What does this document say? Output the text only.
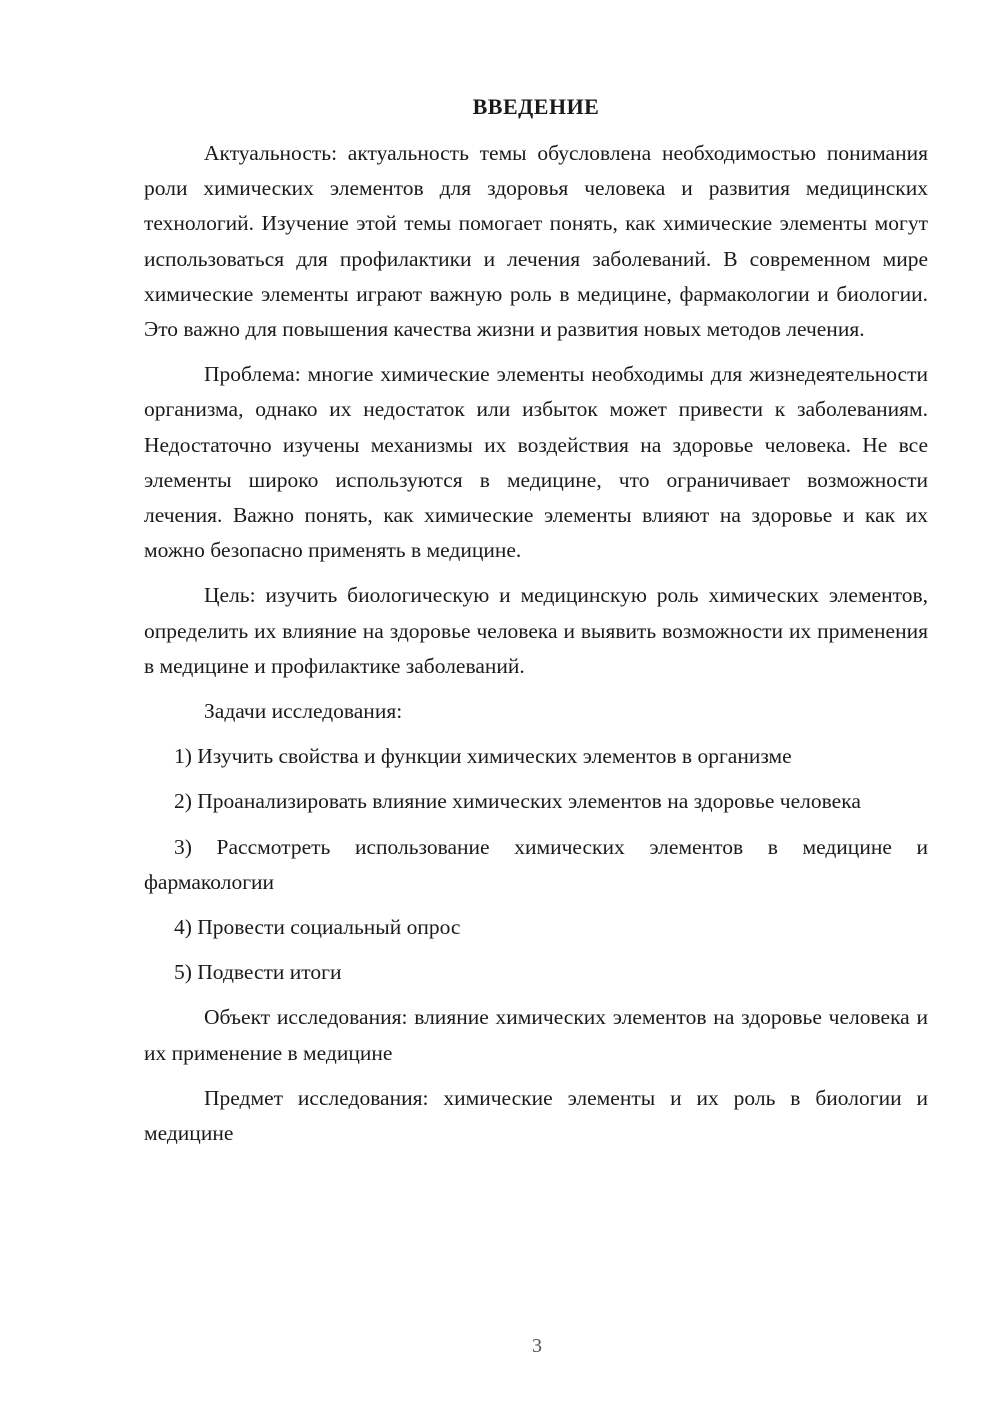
ВВЕДЕНИЕ

Актуальность: актуальность темы обусловлена необходимостью понимания роли химических элементов для здоровья человека и развития медицинских технологий. Изучение этой темы помогает понять, как химические элементы могут использоваться для профилактики и лечения заболеваний. В современном мире химические элементы играют важную роль в медицине, фармакологии и биологии. Это важно для повышения качества жизни и развития новых методов лечения.

Проблема: многие химические элементы необходимы для жизнедеятельности организма, однако их недостаток или избыток может привести к заболеваниям. Недостаточно изучены механизмы их воздействия на здоровье человека. Не все элементы широко используются в медицине, что ограничивает возможности лечения. Важно понять, как химические элементы влияют на здоровье и как их можно безопасно применять в медицине.

Цель: изучить биологическую и медицинскую роль химических элементов, определить их влияние на здоровье человека и выявить возможности их применения в медицине и профилактике заболеваний.

Задачи исследования:

1) Изучить свойства и функции химических элементов в организме

2) Проанализировать влияние химических элементов на здоровье человека

3) Рассмотреть использование химических элементов в медицине и фармакологии

4) Провести социальный опрос

5) Подвести итоги

Объект исследования: влияние химических элементов на здоровье человека и их применение в медицине

Предмет исследования: химические элементы и их роль в биологии и медицине

3
